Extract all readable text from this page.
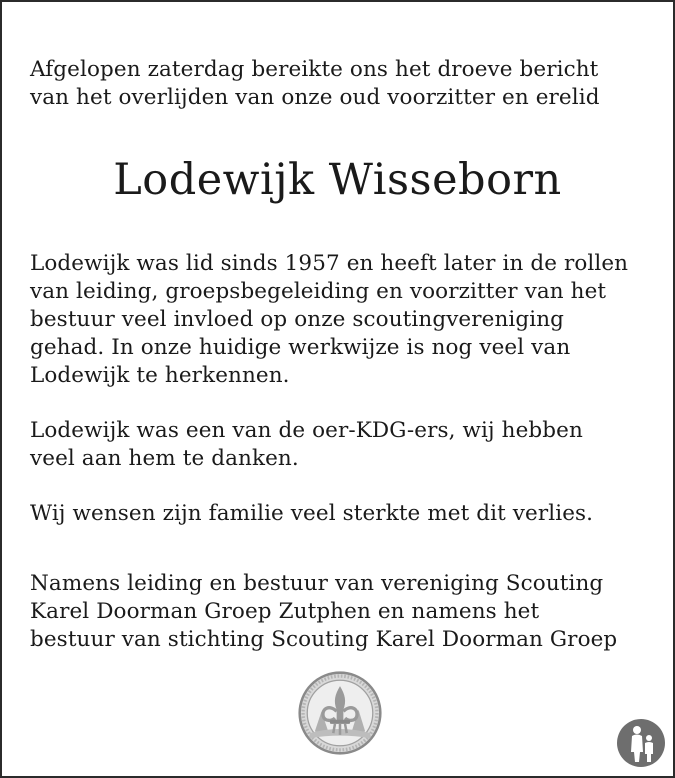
Afgelopen zaterdag bereikte ons het droeve bericht
van het overlijden van onze oud voorzitter en erelid
Lodewijk Wisseborn
Lodewijk was lid sinds 1957 en heeft later in de rollen
van leiding, groepsbegeleiding en voorzitter van het
bestuur veel invloed op onze scoutingvereniging
gehad. In onze huidige werkwijze is nog veel van
Lodewijk te herkennen.
Lodewijk was een van de oer-KDG-ers, wij hebben
veel aan hem te danken.
Wij wensen zijn familie veel sterkte met dit verlies.
Namens leiding en bestuur van vereniging Scouting
Karel Doorman Groep Zutphen en namens het
bestuur van stichting Scouting Karel Doorman Groep
